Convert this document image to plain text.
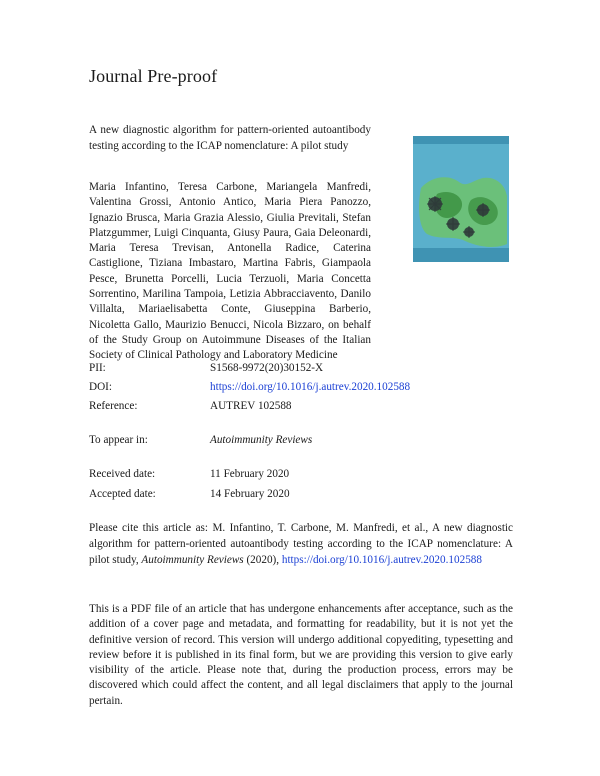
Journal Pre-proof
A new diagnostic algorithm for pattern-oriented autoantibody testing according to the ICAP nomenclature: A pilot study
Maria Infantino, Teresa Carbone, Mariangela Manfredi, Valentina Grossi, Antonio Antico, Maria Piera Panozzo, Ignazio Brusca, Maria Grazia Alessio, Giulia Previtali, Stefan Platzgummer, Luigi Cinquanta, Giusy Paura, Gaia Deleonardi, Maria Teresa Trevisan, Antonella Radice, Caterina Castiglione, Tiziana Imbastaro, Martina Fabris, Giampaola Pesce, Brunetta Porcelli, Lucia Terzuoli, Maria Concetta Sorrentino, Marilina Tampoia, Letizia Abbracciavento, Danilo Villalta, Mariaelisabetta Conte, Giuseppina Barberio, Nicoletta Gallo, Maurizio Benucci, Nicola Bizzaro, on behalf of the Study Group on Autoimmune Diseases of the Italian Society of Clinical Pathology and Laboratory Medicine
PII:	S1568-9972(20)30152-X
DOI:	https://doi.org/10.1016/j.autrev.2020.102588
Reference:	AUTREV 102588
To appear in:	Autoimmunity Reviews
Received date:	11 February 2020
Accepted date:	14 February 2020
Please cite this article as: M. Infantino, T. Carbone, M. Manfredi, et al., A new diagnostic algorithm for pattern-oriented autoantibody testing according to the ICAP nomenclature: A pilot study, Autoimmunity Reviews (2020), https://doi.org/10.1016/j.autrev.2020.102588
This is a PDF file of an article that has undergone enhancements after acceptance, such as the addition of a cover page and metadata, and formatting for readability, but it is not yet the definitive version of record. This version will undergo additional copyediting, typesetting and review before it is published in its final form, but we are providing this version to give early visibility of the article. Please note that, during the production process, errors may be discovered which could affect the content, and all legal disclaimers that apply to the journal pertain.
